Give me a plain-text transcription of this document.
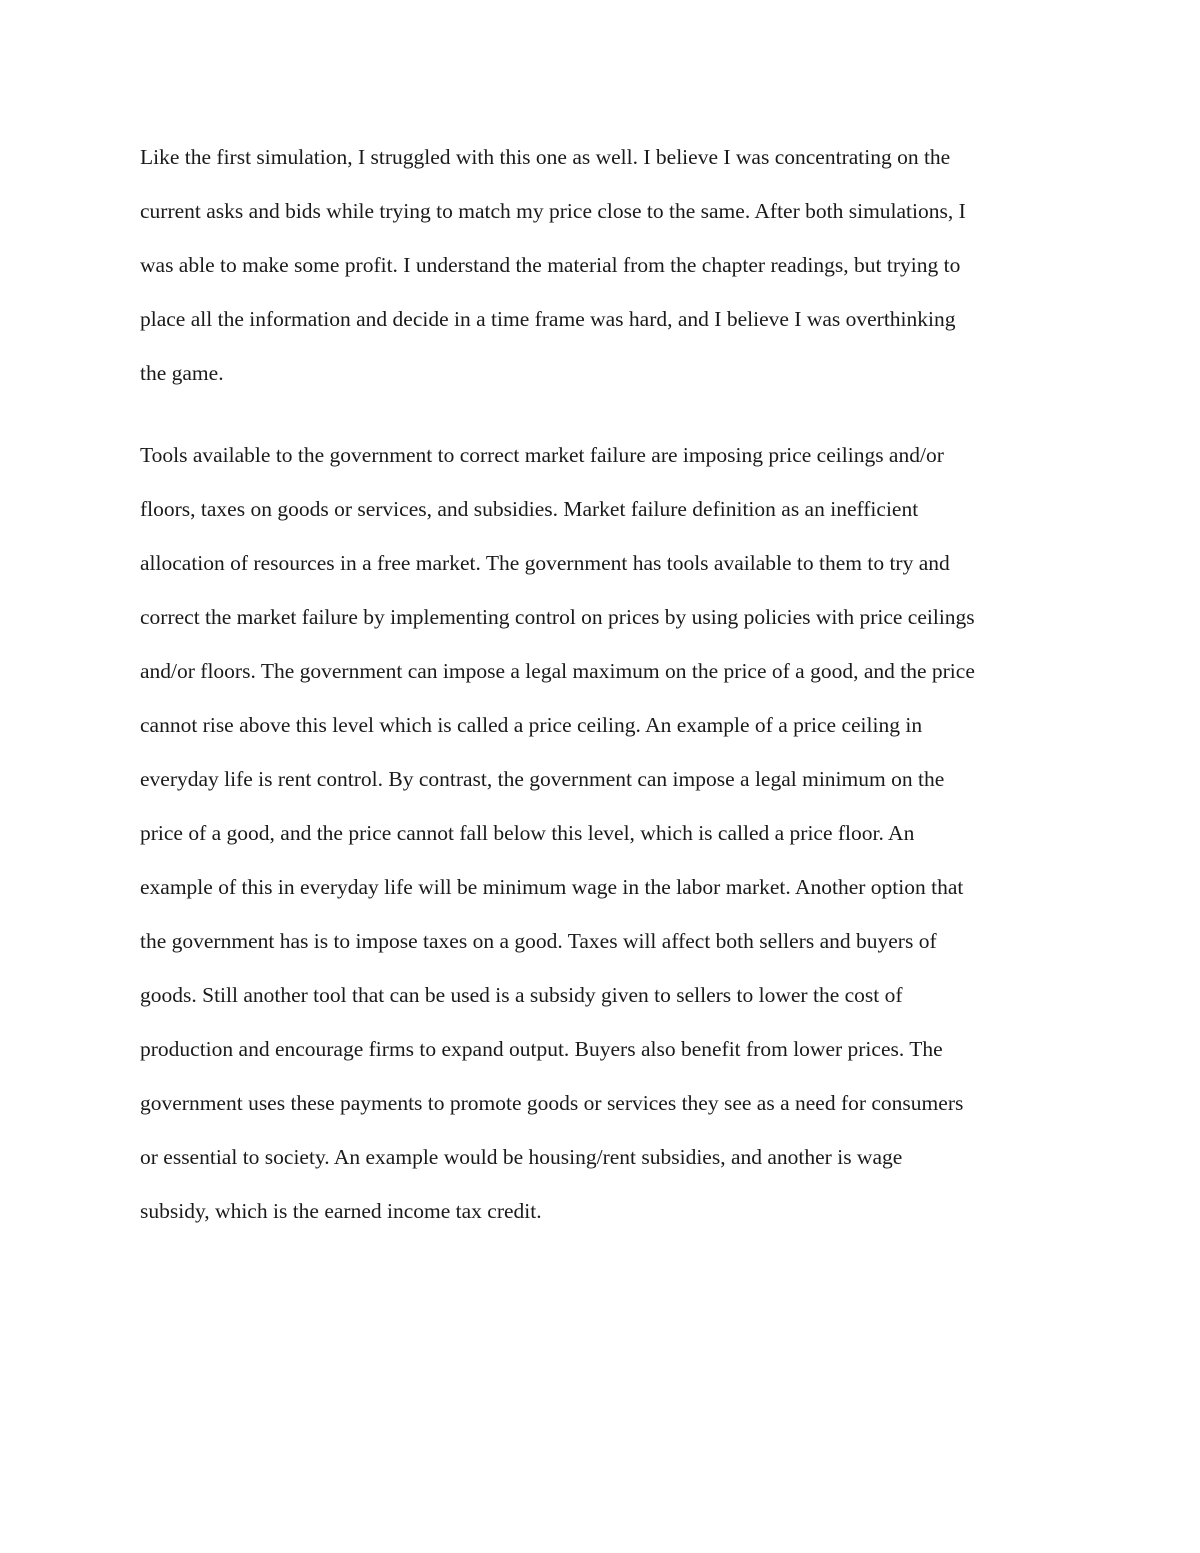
Like the first simulation, I struggled with this one as well. I believe I was concentrating on the
current asks and bids while trying to match my price close to the same. After both simulations, I
was able to make some profit. I understand the material from the chapter readings, but trying to
place all the information and decide in a time frame was hard, and I believe I was overthinking
the game.
Tools available to the government to correct market failure are imposing price ceilings and/or
floors, taxes on goods or services, and subsidies. Market failure definition as an inefficient
allocation of resources in a free market. The government has tools available to them to try and
correct the market failure by implementing control on prices by using policies with price ceilings
and/or floors. The government can impose a legal maximum on the price of a good, and the price
cannot rise above this level which is called a price ceiling. An example of a price ceiling in
everyday life is rent control. By contrast, the government can impose a legal minimum on the
price of a good, and the price cannot fall below this level, which is called a price floor. An
example of this in everyday life will be minimum wage in the labor market. Another option that
the government has is to impose taxes on a good. Taxes will affect both sellers and buyers of
goods. Still another tool that can be used is a subsidy given to sellers to lower the cost of
production and encourage firms to expand output. Buyers also benefit from lower prices. The
government uses these payments to promote goods or services they see as a need for consumers
or essential to society. An example would be housing/rent subsidies, and another is wage
subsidy, which is the earned income tax credit.
